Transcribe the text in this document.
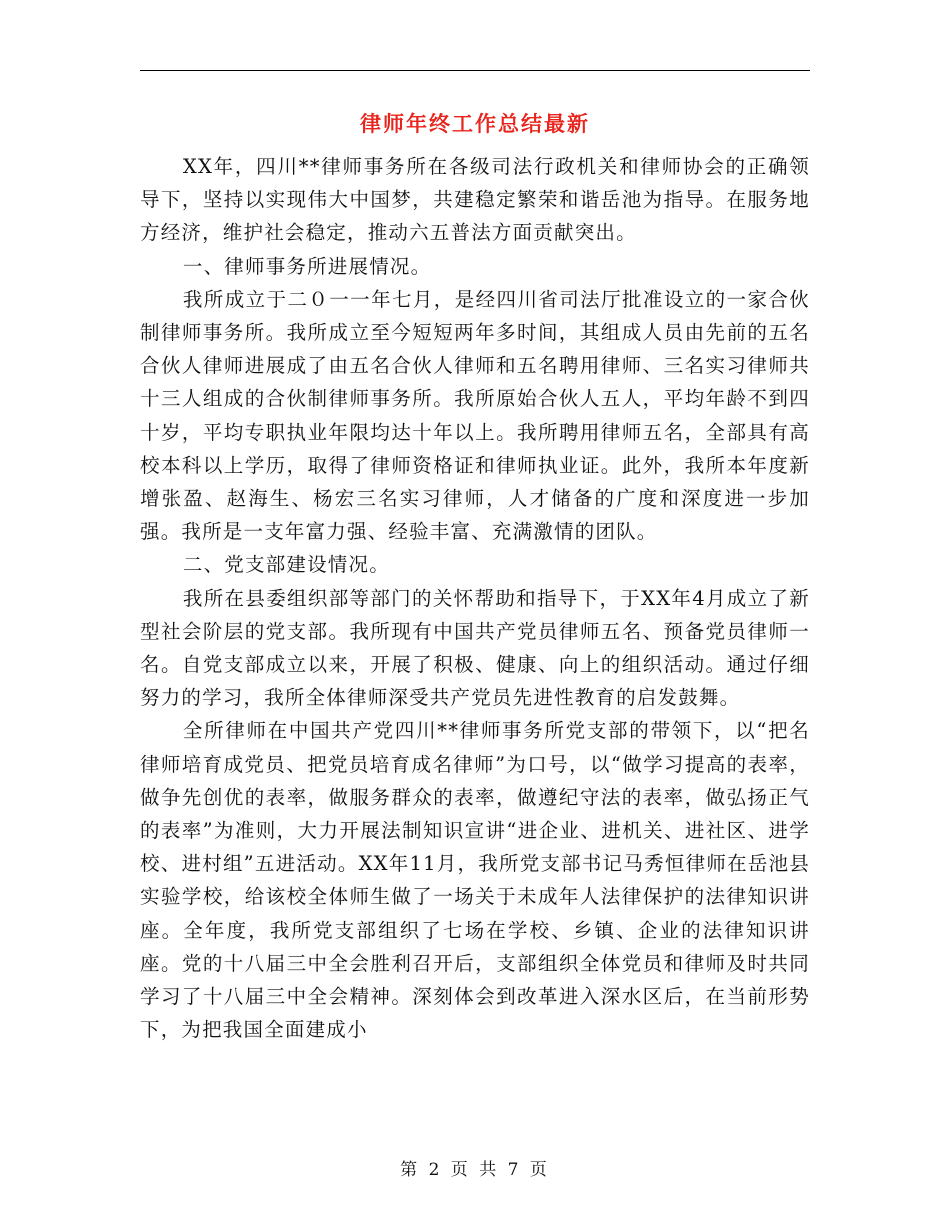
律师年终工作总结最新

XX年，四川**律师事务所在各级司法行政机关和律师协会的正确领导下，坚持以实现伟大中国梦，共建稳定繁荣和谐岳池为指导。在服务地方经济，维护社会稳定，推动六五普法方面贡献突出。

一、律师事务所进展情况。

我所成立于二０一一年七月，是经四川省司法厅批准设立的一家合伙制律师事务所。我所成立至今短短两年多时间，其组成人员由先前的五名合伙人律师进展成了由五名合伙人律师和五名聘用律师、三名实习律师共十三人组成的合伙制律师事务所。我所原始合伙人五人，平均年龄不到四十岁，平均专职执业年限均达十年以上。我所聘用律师五名，全部具有高校本科以上学历，取得了律师资格证和律师执业证。此外，我所本年度新增张盈、赵海生、杨宏三名实习律师，人才储备的广度和深度进一步加强。我所是一支年富力强、经验丰富、充满激情的团队。

二、党支部建设情况。

我所在县委组织部等部门的关怀帮助和指导下，于XX年4月成立了新型社会阶层的党支部。我所现有中国共产党员律师五名、预备党员律师一名。自党支部成立以来，开展了积极、健康、向上的组织活动。通过仔细努力的学习，我所全体律师深受共产党员先进性教育的启发鼓舞。

全所律师在中国共产党四川**律师事务所党支部的带领下，以“把名律师培育成党员、把党员培育成名律师”为口号，以“做学习提高的表率，做争先创优的表率，做服务群众的表率，做遵纪守法的表率，做弘扬正气的表率”为准则，大力开展法制知识宣讲“进企业、进机关、进社区、进学校、进村组”五进活动。XX年11月，我所党支部书记马秀恒律师在岳池县实验学校，给该校全体师生做了一场关于未成年人法律保护的法律知识讲座。全年度，我所党支部组织了七场在学校、乡镇、企业的法律知识讲座。党的十八届三中全会胜利召开后，支部组织全体党员和律师及时共同学习了十八届三中全会精神。深刻体会到改革进入深水区后，在当前形势下，为把我国全面建成小

第 2 页 共 7 页
